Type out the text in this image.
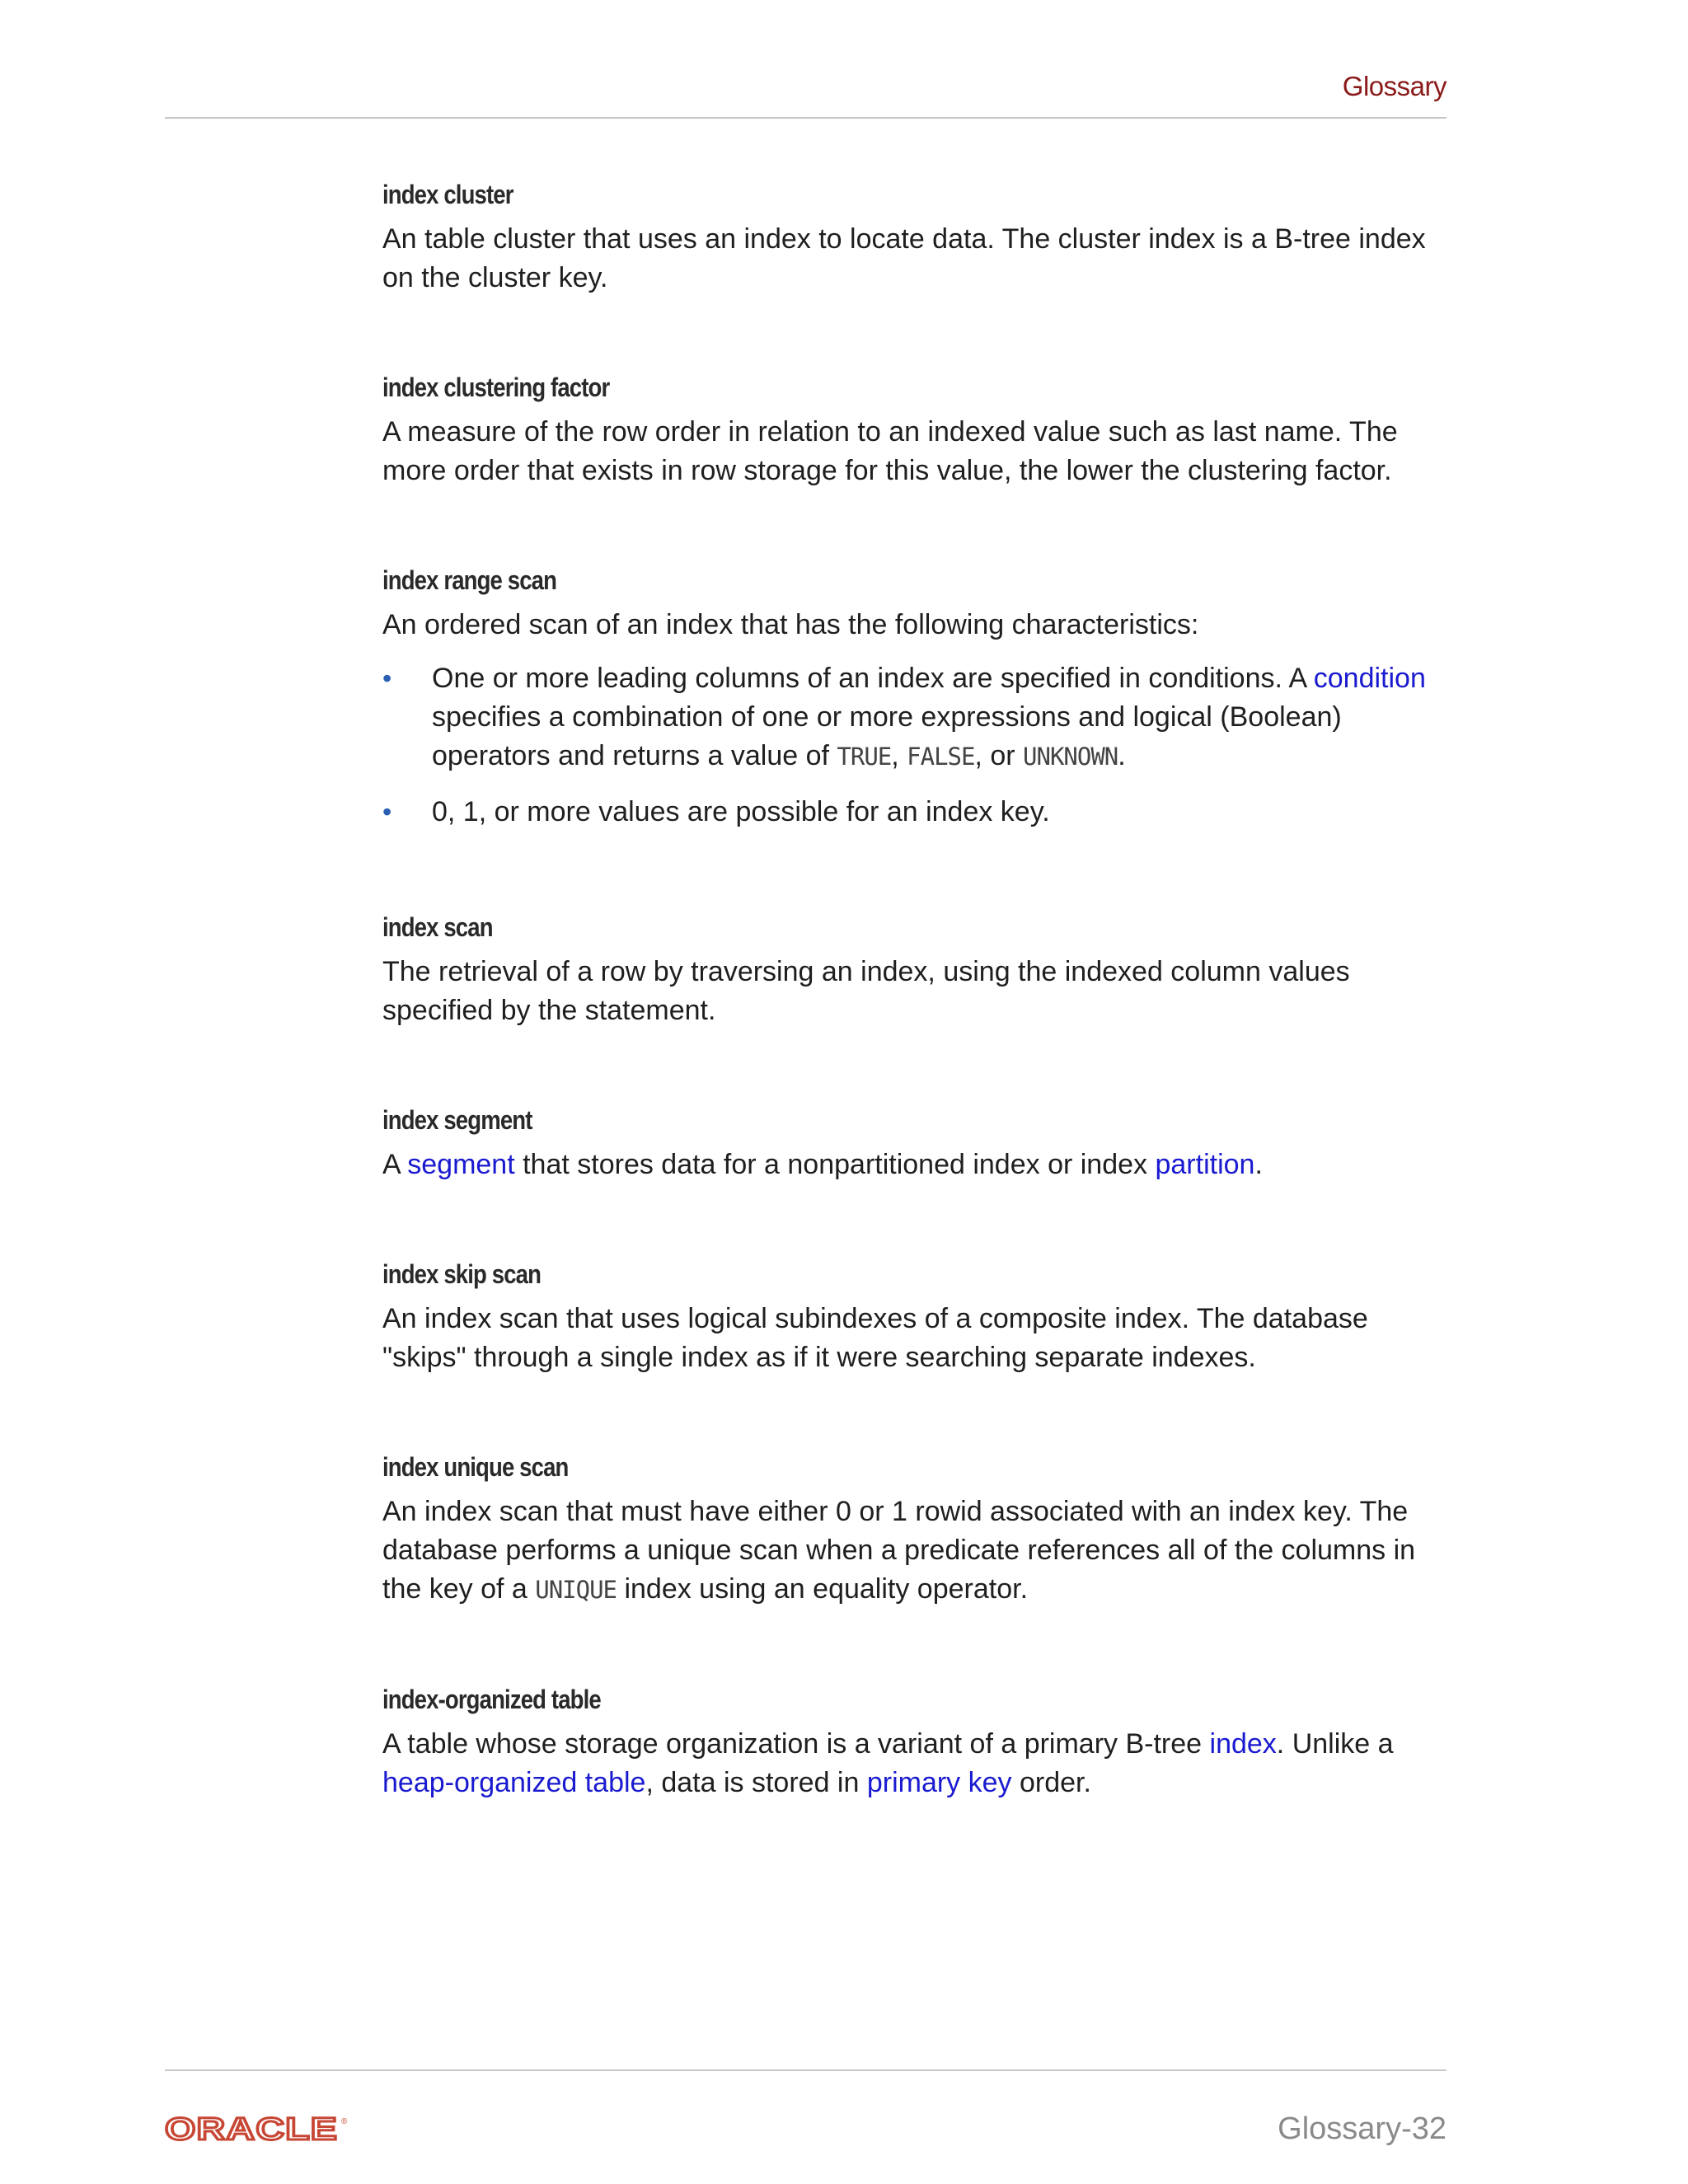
Glossary
index cluster
An table cluster that uses an index to locate data. The cluster index is a B-tree index on the cluster key.
index clustering factor
A measure of the row order in relation to an indexed value such as last name. The more order that exists in row storage for this value, the lower the clustering factor.
index range scan
An ordered scan of an index that has the following characteristics:
• One or more leading columns of an index are specified in conditions. A condition specifies a combination of one or more expressions and logical (Boolean) operators and returns a value of TRUE, FALSE, or UNKNOWN.
• 0, 1, or more values are possible for an index key.
index scan
The retrieval of a row by traversing an index, using the indexed column values specified by the statement.
index segment
A segment that stores data for a nonpartitioned index or index partition.
index skip scan
An index scan that uses logical subindexes of a composite index. The database "skips" through a single index as if it were searching separate indexes.
index unique scan
An index scan that must have either 0 or 1 rowid associated with an index key. The database performs a unique scan when a predicate references all of the columns in the key of a UNIQUE index using an equality operator.
index-organized table
A table whose storage organization is a variant of a primary B-tree index. Unlike a heap-organized table, data is stored in primary key order.
ORACLE ®	Glossary-32
